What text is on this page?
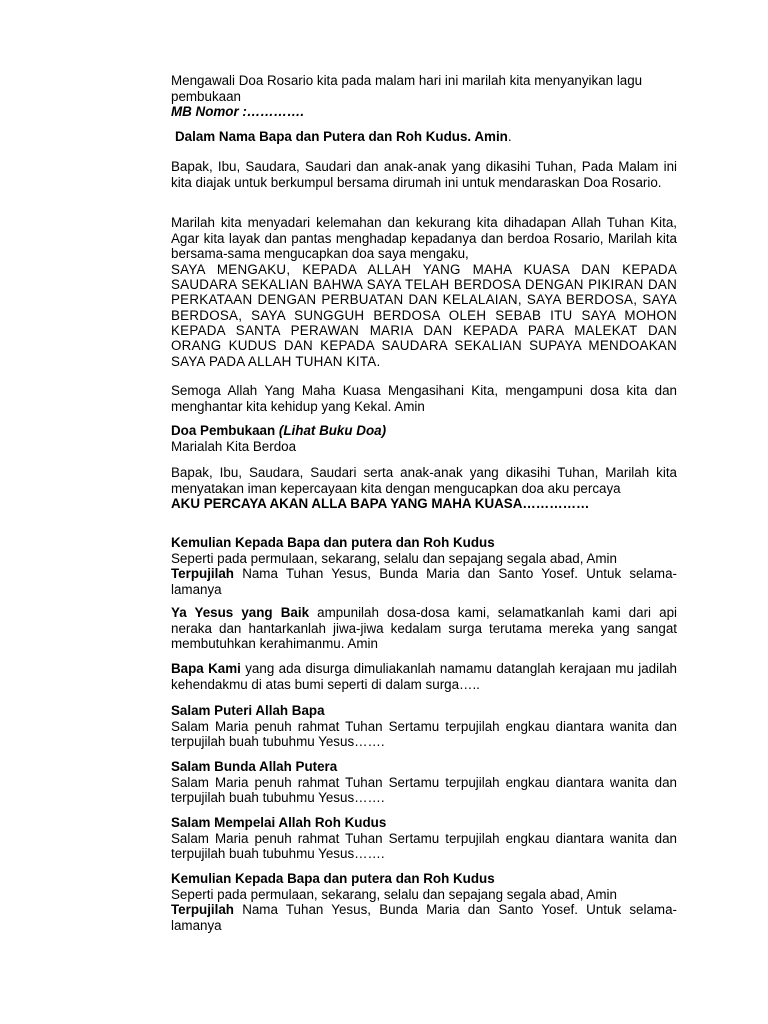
Mengawali Doa Rosario kita pada malam hari ini marilah kita menyanyikan lagu pembukaan
MB Nomor :………….
Dalam Nama Bapa dan Putera dan Roh Kudus. Amin.
Bapak, Ibu, Saudara, Saudari dan anak-anak yang dikasihi Tuhan, Pada Malam ini kita diajak untuk berkumpul bersama dirumah ini untuk mendaraskan Doa Rosario.
Marilah kita menyadari kelemahan dan kekurang kita dihadapan Allah Tuhan Kita, Agar kita layak dan pantas menghadap kepadanya dan berdoa Rosario, Marilah kita bersama-sama mengucapkan doa saya mengaku,
SAYA MENGAKU, KEPADA ALLAH YANG MAHA KUASA DAN KEPADA SAUDARA SEKALIAN BAHWA SAYA TELAH BERDOSA DENGAN PIKIRAN DAN PERKATAAN DENGAN PERBUATAN DAN KELALAIAN, SAYA BERDOSA, SAYA BERDOSA, SAYA SUNGGUH BERDOSA OLEH SEBAB ITU SAYA MOHON KEPADA SANTA PERAWAN MARIA DAN KEPADA PARA MALEKAT DAN ORANG KUDUS DAN KEPADA SAUDARA SEKALIAN SUPAYA MENDOAKAN SAYA PADA ALLAH TUHAN KITA.
Semoga Allah Yang Maha Kuasa Mengasihani Kita, mengampuni dosa kita dan menghantar kita kehidup yang Kekal. Amin
Doa Pembukaan (Lihat Buku Doa)
Marialah Kita Berdoa
Bapak, Ibu, Saudara, Saudari serta anak-anak yang dikasihi Tuhan, Marilah kita menyatakan iman kepercayaan kita dengan mengucapkan doa aku percaya
AKU PERCAYA AKAN ALLA BAPA YANG MAHA KUASA……………
Kemulian Kepada Bapa dan putera dan Roh Kudus
Seperti pada permulaan, sekarang, selalu dan sepajang segala abad, Amin
Terpujilah Nama Tuhan Yesus, Bunda Maria dan Santo Yosef. Untuk selama-lamanya
Ya Yesus yang Baik ampunilah dosa-dosa kami, selamatkanlah kami dari api neraka dan hantarkanlah jiwa-jiwa kedalam surga terutama mereka yang sangat membutuhkan kerahimanmu. Amin
Bapa Kami yang ada disurga dimuliakanlah namamu datanglah kerajaan mu jadilah kehendakmu di atas bumi seperti di dalam surga…..
Salam Puteri Allah Bapa
Salam Maria penuh rahmat Tuhan Sertamu terpujilah engkau diantara wanita dan terpujilah buah tubuhmu Yesus…….
Salam Bunda Allah Putera
Salam Maria penuh rahmat Tuhan Sertamu terpujilah engkau diantara wanita dan terpujilah buah tubuhmu Yesus…….
Salam Mempelai Allah Roh Kudus
Salam Maria penuh rahmat Tuhan Sertamu terpujilah engkau diantara wanita dan terpujilah buah tubuhmu Yesus…….
Kemulian Kepada Bapa dan putera dan Roh Kudus
Seperti pada permulaan, sekarang, selalu dan sepajang segala abad, Amin
Terpujilah Nama Tuhan Yesus, Bunda Maria dan Santo Yosef. Untuk selama-lamanya
